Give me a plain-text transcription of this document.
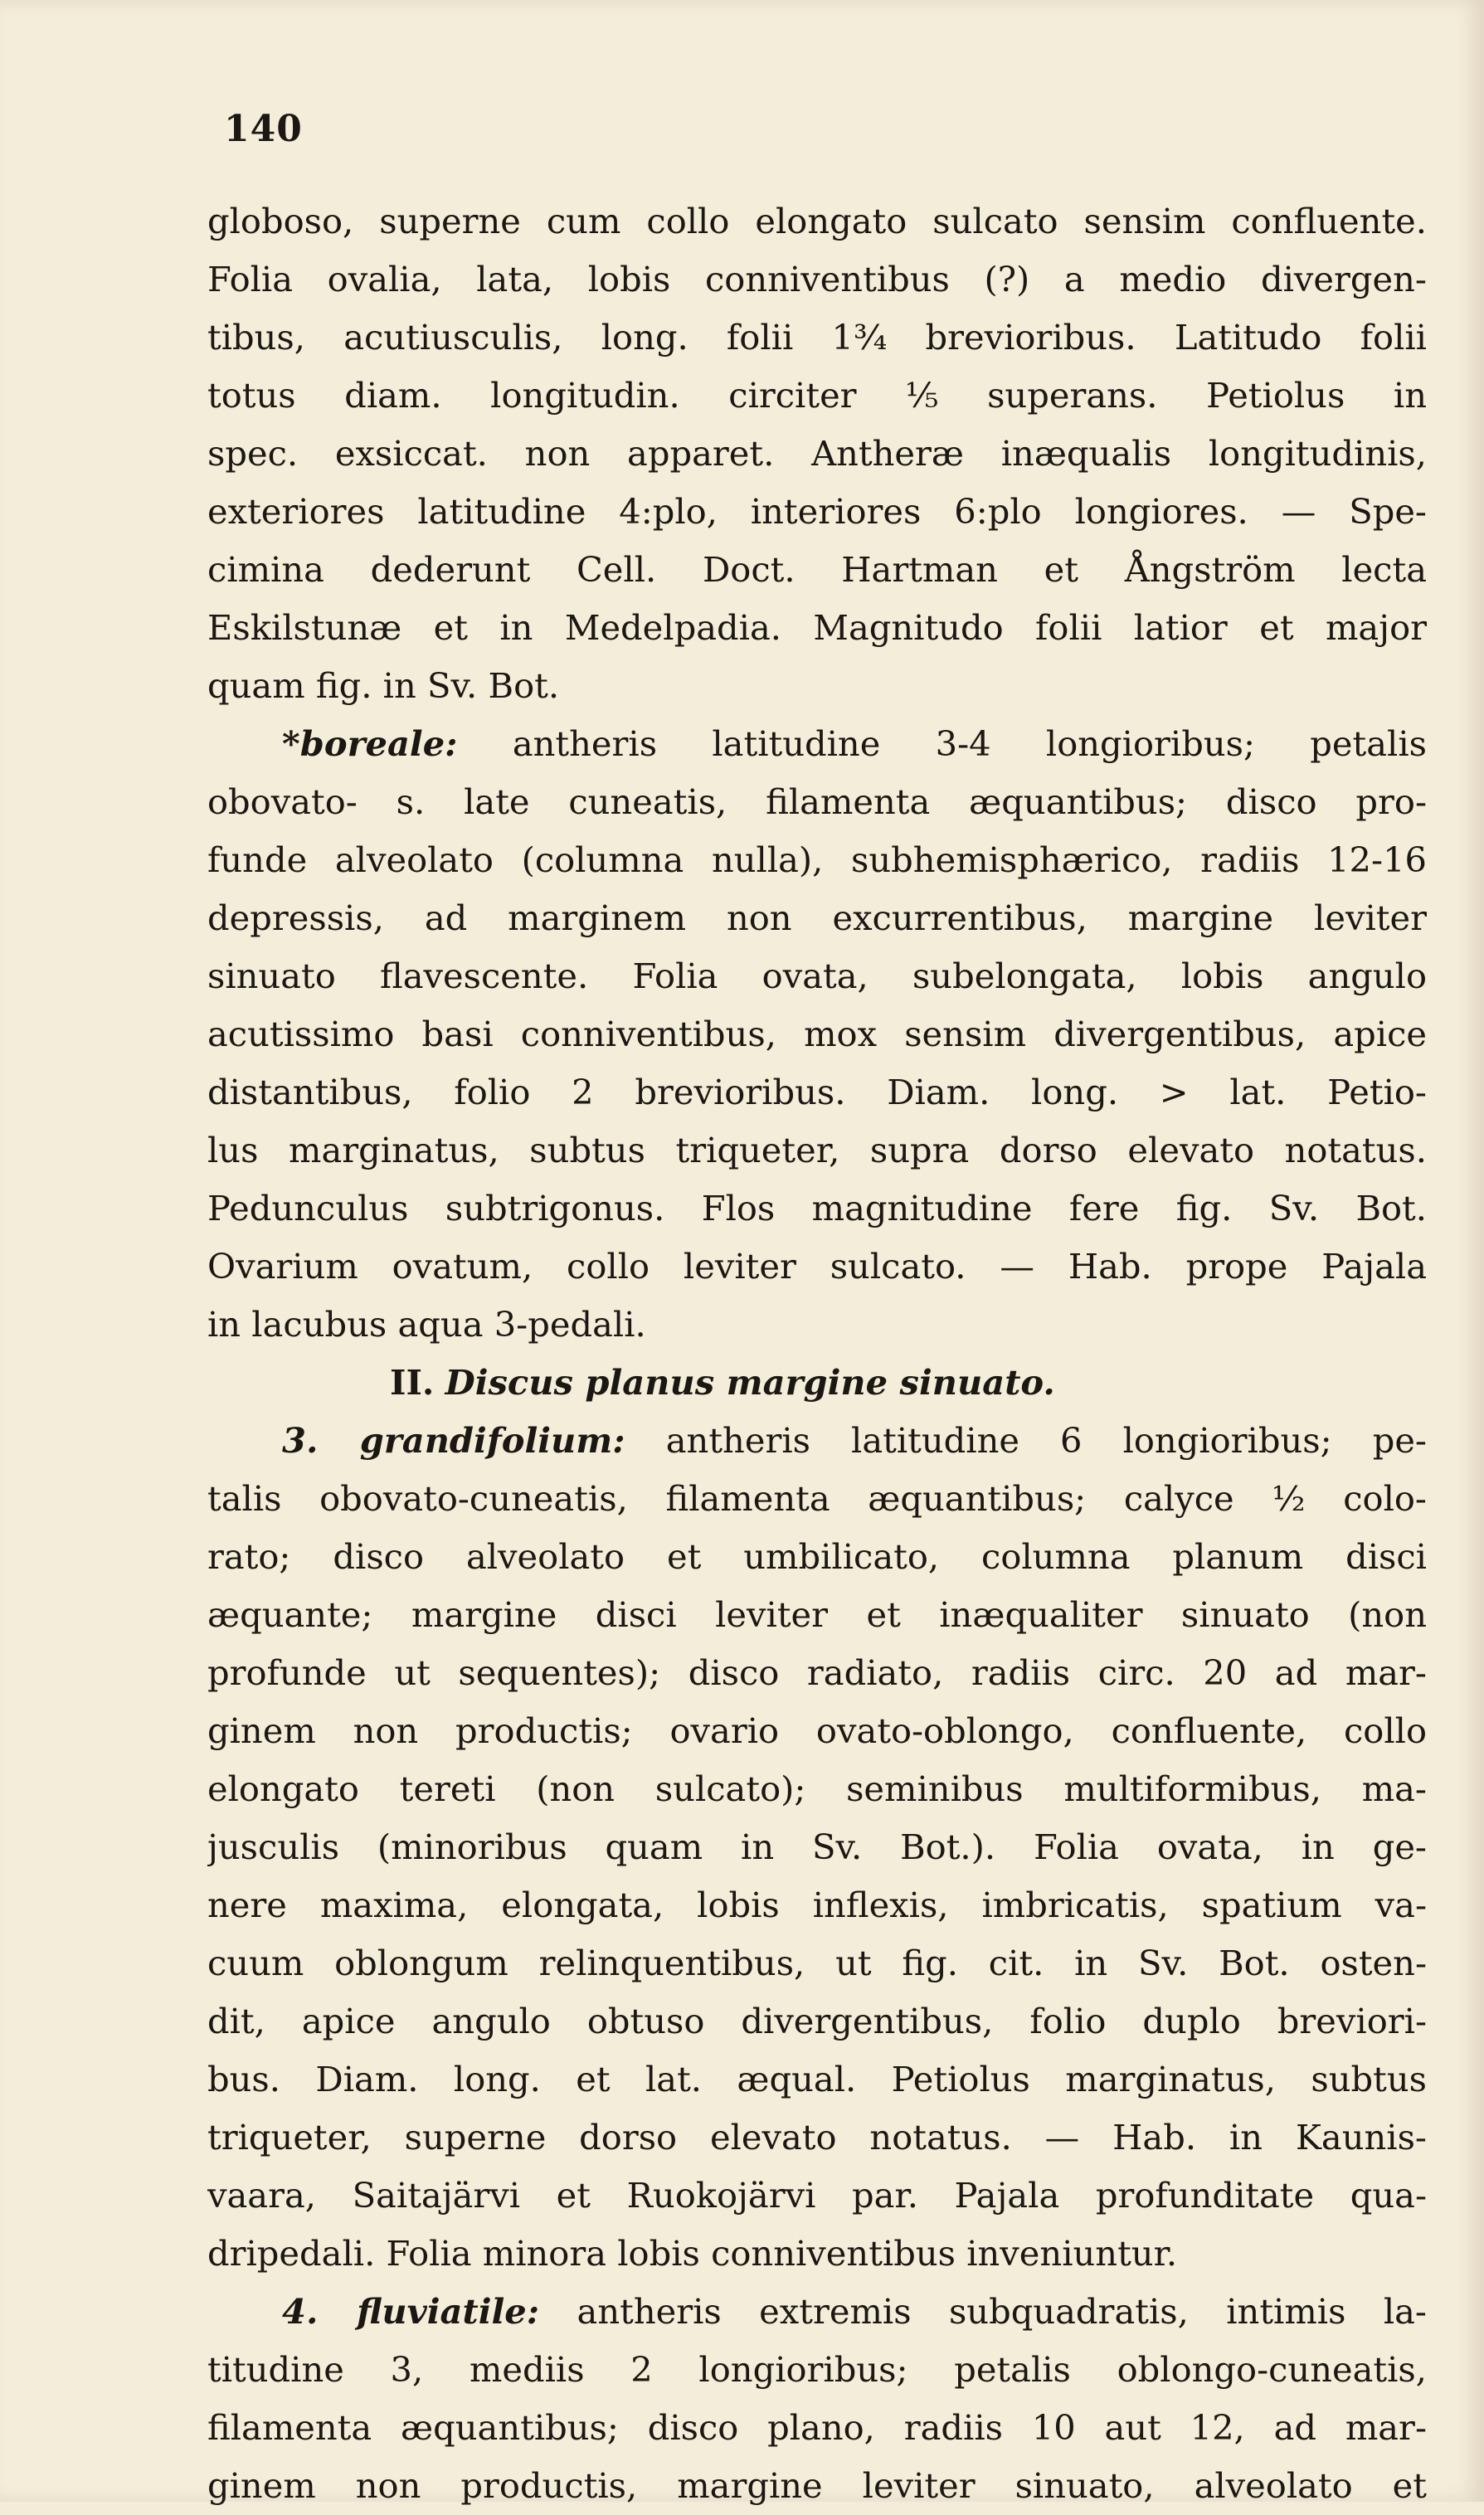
140
globoso, superne cum collo elongato sulcato sensim confluente.
Folia ovalia, lata, lobis conniventibus (?) a medio divergen-
tibus, acutiusculis, long. folii 1¾ brevioribus. Latitudo folii
totus diam. longitudin. circiter ⅕ superans. Petiolus in
spec. exsiccat. non apparet. Antheræ inæqualis longitudinis,
exteriores latitudine 4:plo, interiores 6:plo longiores. — Spe-
cimina dederunt Cell. Doct. Hartman et Ångström lecta
Eskilstunæ et in Medelpadia. Magnitudo folii latior et major
quam fig. in Sv. Bot.
*boreale: antheris latitudine 3-4 longioribus; petalis
obovato- s. late cuneatis, filamenta æquantibus; disco pro-
funde alveolato (columna nulla), subhemisphærico, radiis 12-16
depressis, ad marginem non excurrentibus, margine leviter
sinuato flavescente. Folia ovata, subelongata, lobis angulo
acutissimo basi conniventibus, mox sensim divergentibus, apice
distantibus, folio 2 brevioribus. Diam. long. > lat. Petio-
lus marginatus, subtus triqueter, supra dorso elevato notatus.
Pedunculus subtrigonus. Flos magnitudine fere fig. Sv. Bot.
Ovarium ovatum, collo leviter sulcato. — Hab. prope Pajala
in lacubus aqua 3-pedali.
II. Discus planus margine sinuato.
3. grandifolium: antheris latitudine 6 longioribus; pe-
talis obovato-cuneatis, filamenta æquantibus; calyce ½ colo-
rato; disco alveolato et umbilicato, columna planum disci
æquante; margine disci leviter et inæqualiter sinuato (non
profunde ut sequentes); disco radiato, radiis circ. 20 ad mar-
ginem non productis; ovario ovato-oblongo, confluente, collo
elongato tereti (non sulcato); seminibus multiformibus, ma-
jusculis (minoribus quam in Sv. Bot.). Folia ovata, in ge-
nere maxima, elongata, lobis inflexis, imbricatis, spatium va-
cuum oblongum relinquentibus, ut fig. cit. in Sv. Bot. osten-
dit, apice angulo obtuso divergentibus, folio duplo breviori-
bus. Diam. long. et lat. æqual. Petiolus marginatus, subtus
triqueter, superne dorso elevato notatus. — Hab. in Kaunis-
vaara, Saitajärvi et Ruokojärvi par. Pajala profunditate qua-
dripedali. Folia minora lobis conniventibus inveniuntur.
4. fluviatile: antheris extremis subquadratis, intimis la-
titudine 3, mediis 2 longioribus; petalis oblongo-cuneatis,
filamenta æquantibus; disco plano, radiis 10 aut 12, ad mar-
ginem non productis, margine leviter sinuato, alveolato et
